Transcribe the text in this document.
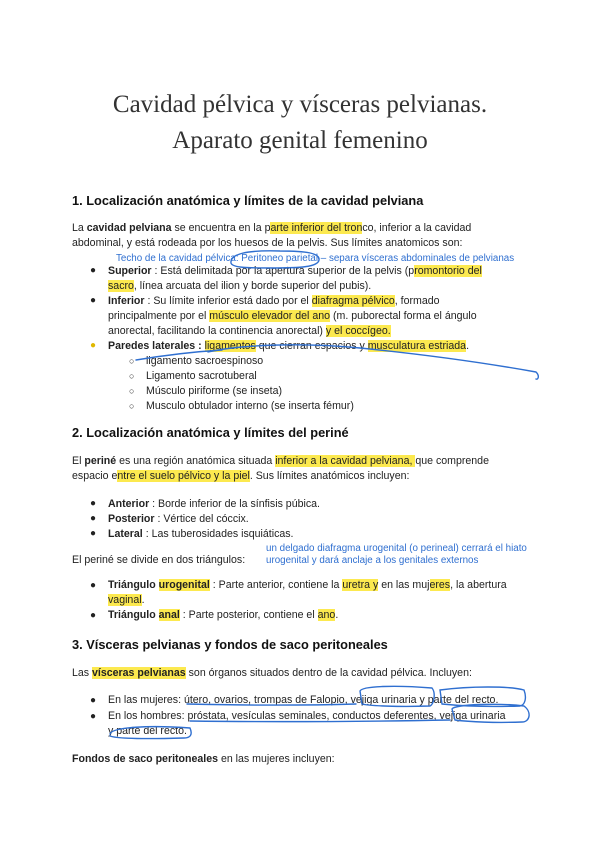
Cavidad pélvica y vísceras pelvianas.
Aparato genital femenino
1. Localización anatómica y límites de la cavidad pelviana
La cavidad pelviana se encuentra en la parte inferior del tronco, inferior a la cavidad
abdominal, y está rodeada por los huesos de la pelvis. Sus límites anatomicos son:
Techo de la cavidad pélvica: Peritoneo parietal – separa vísceras abdominales de pelvianas
● Superior : Está delimitada por la apertura superior de la pelvis (promontorio del
sacro, línea arcuata del ilion y borde superior del pubis).
● Inferior : Su límite inferior está dado por el diafragma pélvico, formado
principalmente por el músculo elevador del ano (m. puborectal forma el ángulo
anorectal, facilitando la continencia anorectal) y el coccígeo.
● Paredes laterales : ligamentos que cierran espacios y musculatura estriada.
○ ligamento sacroespinoso
○ Ligamento sacrotuberal
○ Músculo piriforme (se inseta)
○ Musculo obtulador interno (se inserta fémur)
2. Localización anatómica y límites del periné
El periné es una región anatómica situada inferior a la cavidad pelviana, que comprende
espacio entre el suelo pélvico y la piel. Sus límites anatómicos incluyen:
● Anterior : Borde inferior de la sínfisis púbica.
● Posterior : Vértice del cóccix.
● Lateral : Las tuberosidades isquiáticas.
un delgado diafragma urogenital (o perineal) cerrará el hiato
El periné se divide en dos triángulos: urogenital y dará anclaje a los genitales externos
● Triángulo urogenital : Parte anterior, contiene la uretra y en las mujeres, la abertura
vaginal.
● Triángulo anal : Parte posterior, contiene el ano.
3. Vísceras pelvianas y fondos de saco peritoneales
Las vísceras pelvianas son órganos situados dentro de la cavidad pélvica. Incluyen:
● En las mujeres: útero, ovarios, trompas de Falopio, vejiga urinaria y parte del recto.
● En los hombres: próstata, vesículas seminales, conductos deferentes, vejiga urinaria
y parte del recto.
Fondos de saco peritoneales en las mujeres incluyen:
